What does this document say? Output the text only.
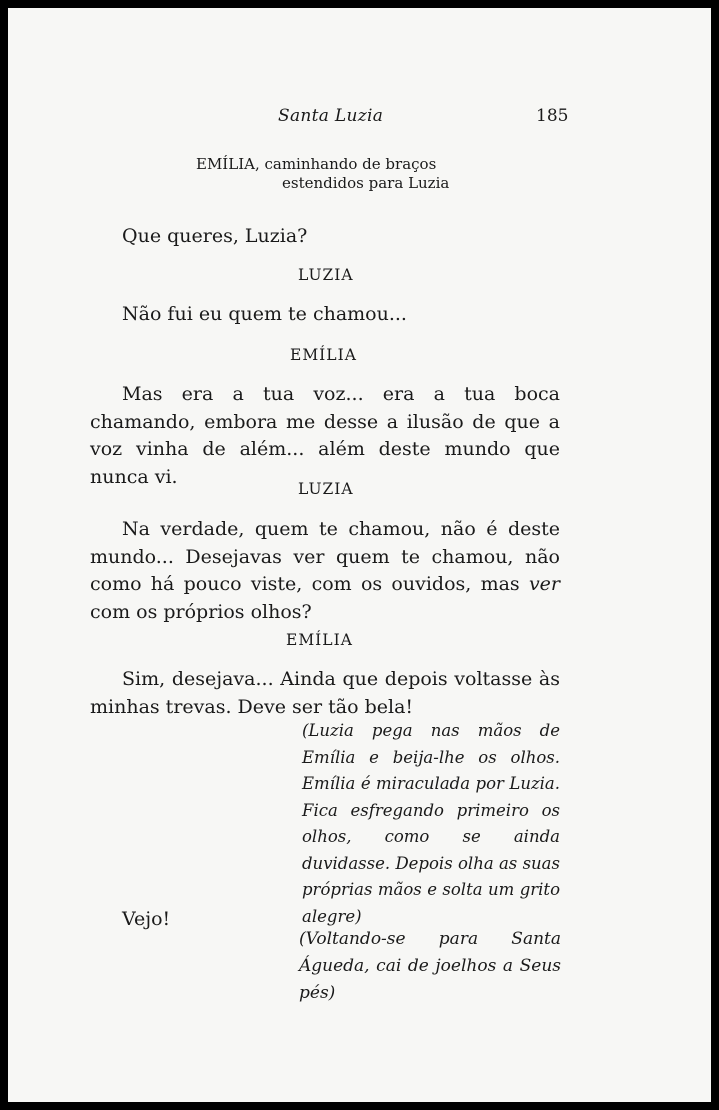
Santa Luzia	185
EMÍLIA, caminhando de braços
estendidos para Luzia
Que queres, Luzia?
LUZIA
Não fui eu quem te chamou...
EMÍLIA
Mas era a tua voz... era a tua boca chamando, embora me desse a ilusão de que a voz vinha de além... além deste mundo que nunca vi.
LUZIA
Na verdade, quem te chamou, não é deste mundo... Desejavas ver quem te chamou, não como há pouco viste, com os ouvidos, mas ver com os próprios olhos?
EMÍLIA
Sim, desejava... Ainda que depois voltasse às minhas trevas. Deve ser tão bela!
(Luzia pega nas mãos de Emília e beija-lhe os olhos. Emília é miraculada por Luzia. Fica esfregando primeiro os olhos, como se ainda duvidasse. Depois olha as suas próprias mãos e solta um grito alegre)
Vejo!
(Voltando-se para Santa Águeda, cai de joelhos a Seus pés)
